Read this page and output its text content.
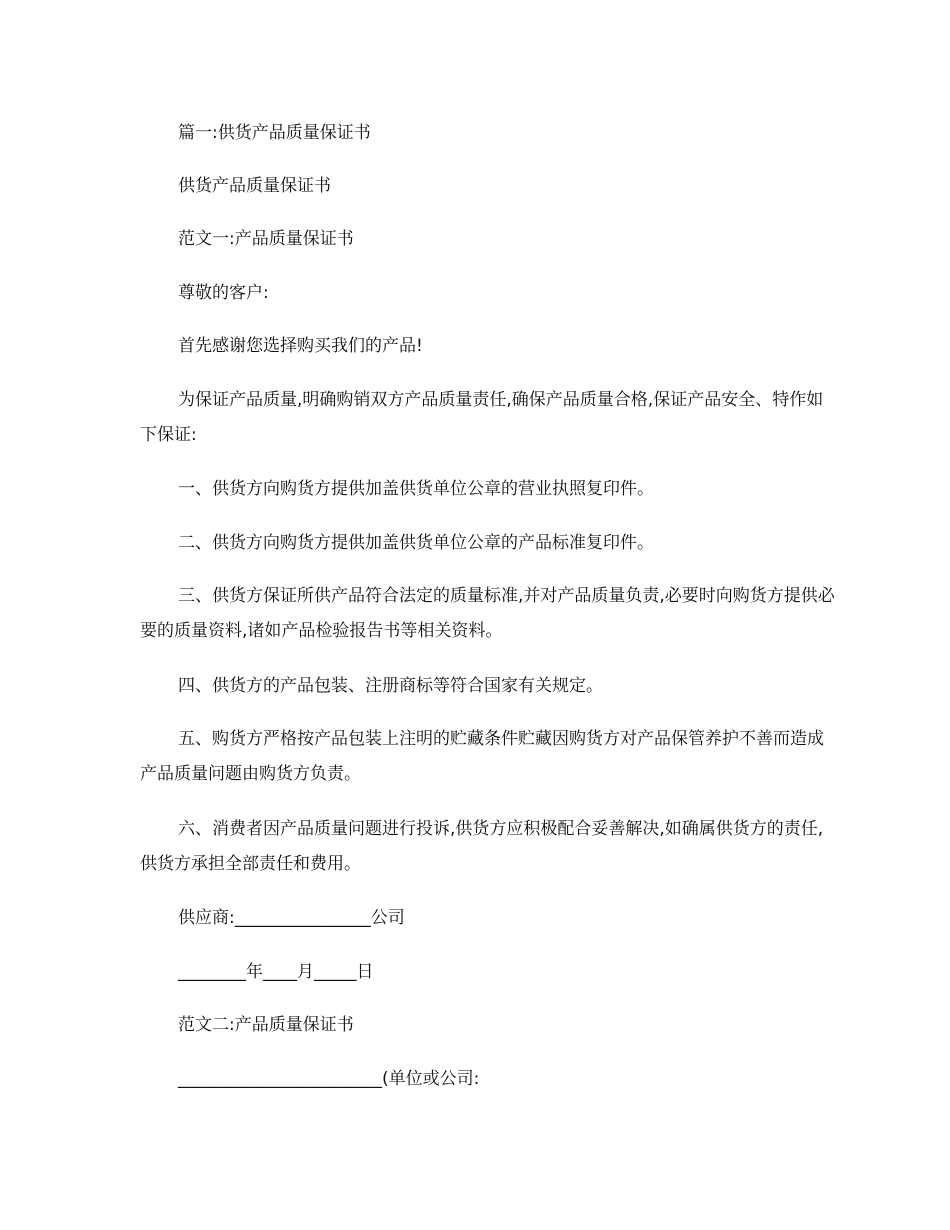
篇一:供货产品质量保证书
供货产品质量保证书
范文一:产品质量保证书
尊敬的客户:
首先感谢您选择购买我们的产品!
为保证产品质量,明确购销双方产品质量责任,确保产品质量合格,保证产品安全、特作如下保证:
一、供货方向购货方提供加盖供货单位公章的营业执照复印件。
二、供货方向购货方提供加盖供货单位公章的产品标准复印件。
三、供货方保证所供产品符合法定的质量标准,并对产品质量负责,必要时向购货方提供必要的质量资料,诸如产品检验报告书等相关资料。
四、供货方的产品包装、注册商标等符合国家有关规定。
五、购货方严格按产品包装上注明的贮藏条件贮藏因购货方对产品保管养护不善而造成产品质量问题由购货方负责。
六、消费者因产品质量问题进行投诉,供货方应积极配合妥善解决,如确属供货方的责任,供货方承担全部责任和费用。
供应商:________________公司
________年____月_____日
范文二:产品质量保证书
________________________(单位或公司:
